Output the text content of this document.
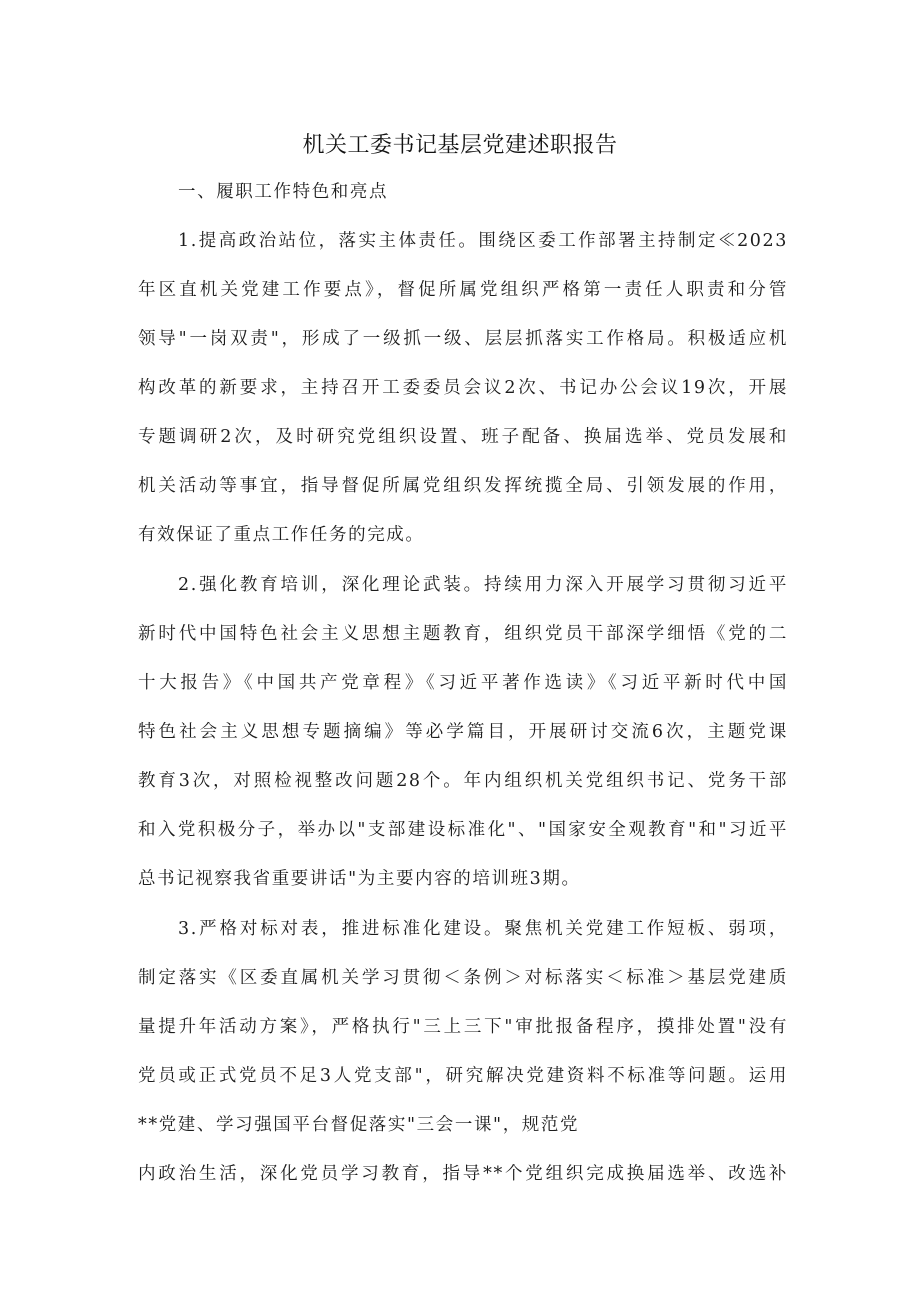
机关工委书记基层党建述职报告
一、履职工作特色和亮点
1.提高政治站位，落实主体责任。围绕区委工作部署主持制定≪2023
年区直机关党建工作要点》，督促所属党组织严格第一责任人职责和分管
领导"一岗双责"，形成了一级抓一级、层层抓落实工作格局。积极适应机
构改革的新要求，主持召开工委委员会议2次、书记办公会议19次，开展
专题调研2次，及时研究党组织设置、班子配备、换届选举、党员发展和
机关活动等事宜，指导督促所属党组织发挥统揽全局、引领发展的作用，
有效保证了重点工作任务的完成。
2.强化教育培训，深化理论武装。持续用力深入开展学习贯彻习近平
新时代中国特色社会主义思想主题教育，组织党员干部深学细悟《党的二
十大报告》《中国共产党章程》《习近平著作选读》《习近平新时代中国
特色社会主义思想专题摘编》等必学篇目，开展研讨交流6次，主题党课
教育3次，对照检视整改问题28个。年内组织机关党组织书记、党务干部
和入党积极分子，举办以"支部建设标准化"、"国家安全观教育"和"习近平
总书记视察我省重要讲话"为主要内容的培训班3期。
3.严格对标对表，推进标准化建设。聚焦机关党建工作短板、弱项，
制定落实《区委直属机关学习贯彻＜条例＞对标落实＜标准＞基层党建质
量提升年活动方案》，严格执行"三上三下"审批报备程序，摸排处置"没有
党员或正式党员不足3人党支部"，研究解决党建资料不标准等问题。运用
**党建、学习强国平台督促落实"三会一课"，规范党
内政治生活，深化党员学习教育，指导**个党组织完成换届选举、改选补
